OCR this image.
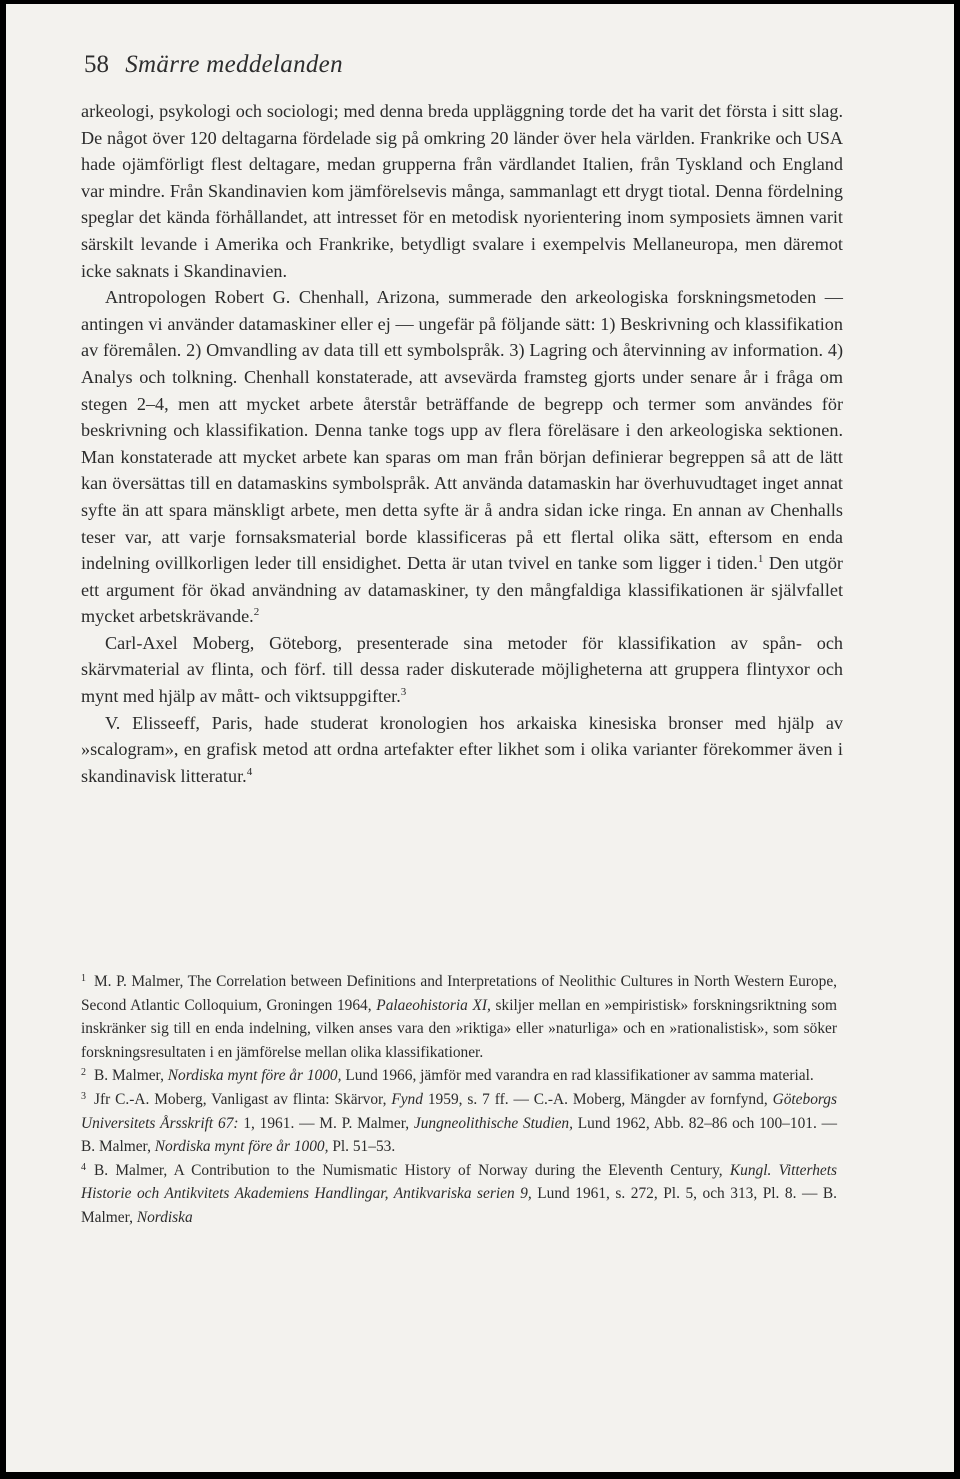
58 Smärre meddelanden

arkeologi, psykologi och sociologi; med denna breda uppläggning torde det ha varit det första i sitt slag. De något över 120 deltagarna fördelade sig på omkring 20 länder över hela världen. Frankrike och USA hade ojämförligt flest deltagare, medan grupperna från värdlandet Italien, från Tyskland och England var mindre. Från Skandinavien kom jämförelsevis många, sammanlagt ett drygt tiotal. Denna fördelning speglar det kända förhållandet, att intresset för en metodisk nyorientering inom symposiets ämnen varit särskilt levande i Amerika och Frankrike, betydligt svalare i exempelvis Mellaneuropa, men däremot icke saknats i Skandinavien.

Antropologen Robert G. Chenhall, Arizona, summerade den arkeologiska forskningsmetoden — antingen vi använder datamaskiner eller ej — ungefär på följande sätt: 1) Beskrivning och klassifikation av föremålen. 2) Omvandling av data till ett symbolspråk. 3) Lagring och återvinning av information. 4) Analys och tolkning. Chenhall konstaterade, att avsevärda framsteg gjorts under senare år i fråga om stegen 2–4, men att mycket arbete återstår beträffande de begrepp och termer som användes för beskrivning och klassifikation. Denna tanke togs upp av flera föreläsare i den arkeologiska sektionen. Man konstaterade att mycket arbete kan sparas om man från början definierar begreppen så att de lätt kan översättas till en datamaskins symbolspråk. Att använda datamaskin har överhuvudtaget inget annat syfte än att spara mänskligt arbete, men detta syfte är å andra sidan icke ringa. En annan av Chenhalls teser var, att varje fornsaksmaterial borde klassificeras på ett flertal olika sätt, eftersom en enda indelning ovillkorligen leder till ensidighet. Detta är utan tvivel en tanke som ligger i tiden.$^1$ Den utgör ett argument för ökad användning av datamaskiner, ty den mångfaldiga klassifikationen är självfallet mycket arbetskrävande.$^2$

Carl-Axel Moberg, Göteborg, presenterade sina metoder för klassifikation av spån- och skärvmaterial av flinta, och förf. till dessa rader diskuterade möjligheterna att gruppera flintyxor och mynt med hjälp av mått- och viktsuppgifter.$^3$

V. Elisseeff, Paris, hade studerat kronologien hos arkaiska kinesiska bronser med hjälp av »scalogram», en grafisk metod att ordna artefakter efter likhet som i olika varianter förekommer även i skandinavisk litteratur.$^4$

$^1$ M. P. Malmer, The Correlation between Definitions and Interpretations of Neolithic Cultures in North Western Europe, Second Atlantic Colloquium, Groningen 1964, Palaeohistoria XI, skiljer mellan en »empiristisk» forskningsriktning som inskränker sig till en enda indelning, vilken anses vara den »riktiga» eller »naturliga» och en »rationalistisk», som söker forskningsresultaten i en jämförelse mellan olika klassifikationer.

$^2$ B. Malmer, Nordiska mynt före år 1000, Lund 1966, jämför med varandra en rad klassifikationer av samma material.

$^3$ Jfr C.-A. Moberg, Vanligast av flinta: Skärvor, Fynd 1959, s. 7 ff. — C.-A. Moberg, Mängder av fornfynd, Göteborgs Universitets Årsskrift 67: 1, 1961. — M. P. Malmer, Jungneolithische Studien, Lund 1962, Abb. 82–86 och 100–101. — B. Malmer, Nordiska mynt före år 1000, Pl. 51–53.

$^4$ B. Malmer, A Contribution to the Numismatic History of Norway during the Eleventh Century, Kungl. Vitterhets Historie och Antikvitets Akademiens Handlingar, Antikvariska serien 9, Lund 1961, s. 272, Pl. 5, och 313, Pl. 8. — B. Malmer, Nordiska
